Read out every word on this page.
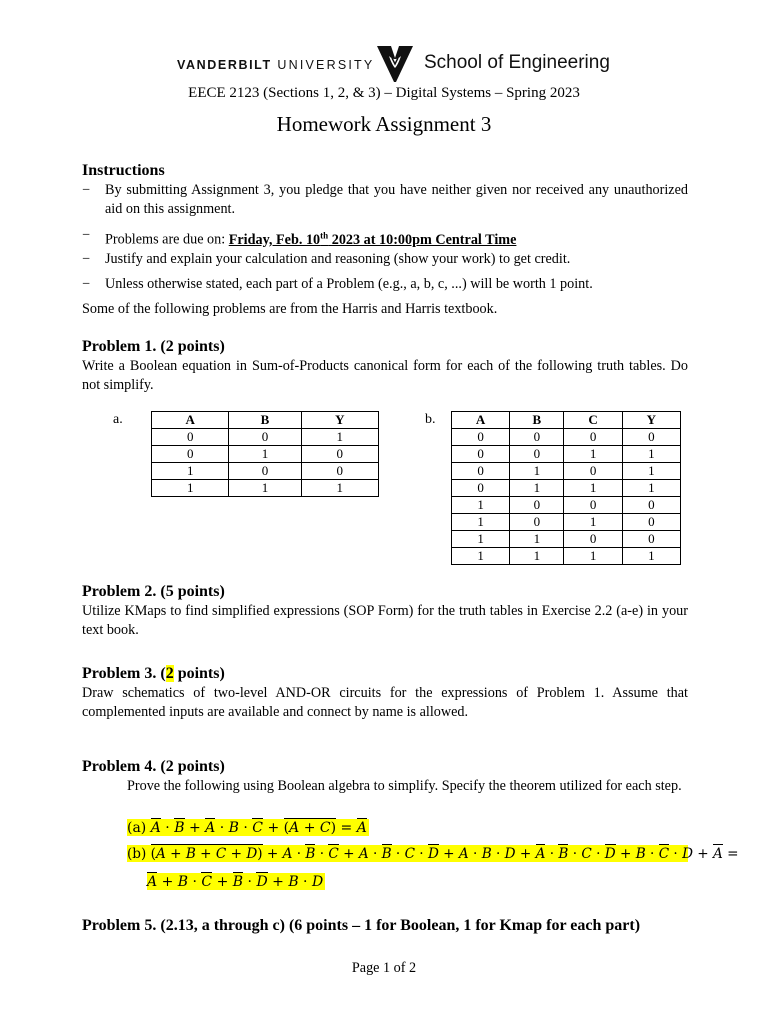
VANDERBILT UNIVERSITY	School of Engineering
EECE 2123 (Sections 1, 2, & 3) – Digital Systems – Spring 2023
Homework Assignment 3
Instructions
− By submitting Assignment 3, you pledge that you have neither given nor received any unauthorized aid on this assignment.
− Problems are due on: Friday, Feb. 10th 2023 at 10:00pm Central Time
− Justify and explain your calculation and reasoning (show your work) to get credit.
− Unless otherwise stated, each part of a Problem (e.g., a, b, c, ...) will be worth 1 point.
Some of the following problems are from the Harris and Harris textbook.
Problem 1. (2 points)
Write a Boolean equation in Sum-of-Products canonical form for each of the following truth tables. Do not simplify.
a.	A	B	Y
0	0	1
0	1	0
1	0	0
1	1	1
b.	A	B	C	Y
0	0	0	0
0	0	1	1
0	1	0	1
0	1	1	1
1	0	0	0
1	0	1	0
1	1	0	0
1	1	1	1
Problem 2. (5 points)
Utilize KMaps to find simplified expressions (SOP Form) for the truth tables in Exercise 2.2 (a-e) in your text book.
Problem 3. (2 points)
Draw schematics of two-level AND-OR circuits for the expressions of Problem 1. Assume that complemented inputs are available and connect by name is allowed.
Problem 4. (2 points)
Prove the following using Boolean algebra to simplify. Specify the theorem utilized for each step.
(a) A · B + A · B · C + (A + C) = A
(b) (A + B + C + D) + A · B · C + A · B · C · D + A · B · D + A · B · C · D + B · C · D + A =
A + B · C + B · D + B · D
Problem 5. (2.13, a through c) (6 points – 1 for Boolean, 1 for Kmap for each part)
Page 1 of 2
